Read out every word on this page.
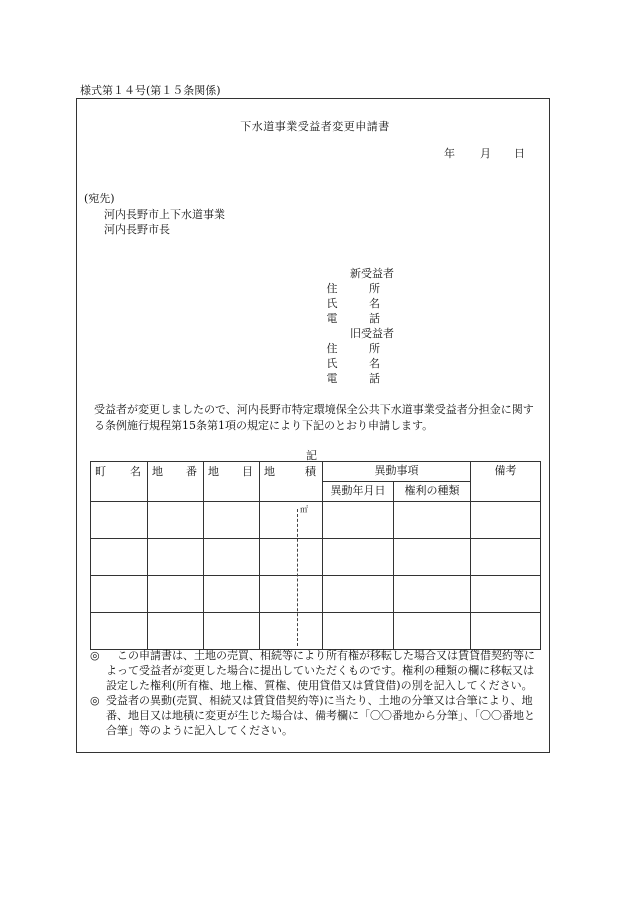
様式第１４号(第１５条関係)
下水道事業受益者変更申請書
年 月 日
(宛先)
河内長野市上下水道事業
河内長野市長
新受益者
住 所
氏 名
電 話
旧受益者
住 所
氏 名
電 話
受益者が変更しましたので、河内長野市特定環境保全公共下水道事業受益者分担金に関する条例施行規程第15条第1項の規定により下記のとおり申請します。
記
町 名	地 番	地 目	地 積	異動事項		備考
				異動年月日	権利の種類	

			㎡			

◎ 　この申請書は、土地の売買、相続等により所有権が移転した場合又は賃貸借契約等によって受益者が変更した場合に提出していただくものです。権利の種類の欄に移転又は設定した権利(所有権、地上権、質権、使用貸借又は賃貸借)の別を記入してください。
◎ 受益者の異動(売買、相続又は賃貸借契約等)に当たり、土地の分筆又は合筆により、地番、地目又は地積に変更が生じた場合は、備考欄に「〇〇番地から分筆」、「〇〇番地と合筆」等のように記入してください。
